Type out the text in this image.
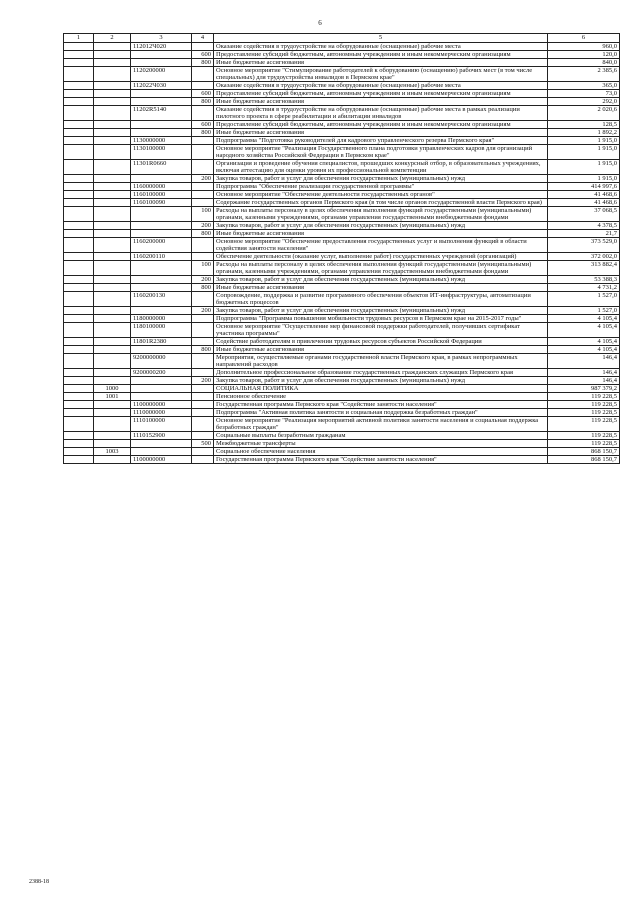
6
1	2	3	4	5	6
		112012Ч020		Оказание содействия в трудоустройстве на оборудованные (оснащенные) рабочие места	960,0
			600	Предоставление субсидий бюджетным, автономным учреждениям и иным некоммерческим организациям	120,0
			800	Иные бюджетные ассигнования	840,0
		1120200000		Основное мероприятие "Стимулирование работодателей к оборудованию (оснащению) рабочих мест (в том числе специальных) для трудоустройства инвалидов в Пермском крае"	2 385,6
		112022Ч030		Оказание содействия в трудоустройстве на оборудованные (оснащенные) рабочие места	365,0
			600	Предоставление субсидий бюджетным, автономным учреждениям и иным некоммерческим организациям	73,0
			800	Иные бюджетные ассигнования	292,0
		11202R5140		Оказание содействия в трудоустройстве на оборудованные (оснащенные) рабочие места в рамках реализации пилотного проекта в сфере реабилитации и абилитации инвалидов	2 020,6
			600	Предоставление субсидий бюджетным, автономным учреждениям и иным некоммерческим организациям	128,5
			800	Иные бюджетные ассигнования	1 892,2
		1130000000		Подпрограмма "Подготовка руководителей для кадрового управленческого резерва Пермского края"	1 915,0
		1130100000		Основное мероприятие "Реализация Государственного плана подготовки управленческих кадров для организаций народного хозяйства Российской Федерации в Пермском крае"	1 915,0
		11301R0660		Организация и проведение обучения специалистов, прошедших конкурсный отбор, в образовательных учреждениях, включая аттестацию для оценки уровня их профессиональной компетенции	1 915,0
			200	Закупка товаров, работ и услуг для обеспечения государственных (муниципальных) нужд	1 915,0
		1160000000		Подпрограмма "Обеспечение реализации государственной программы"	414 997,6
		1160100000		Основное мероприятие "Обеспечение деятельности государственных органов"	41 468,6
		1160100090		Содержание государственных органов Пермского края (в том числе органов государственной власти Пермского края)	41 468,6
			100	Расходы на выплаты персоналу в целях обеспечения выполнения функций государственными (муниципальными) органами, казенными учреждениями, органами управления государственными внебюджетными фондами	37 068,5
			200	Закупка товаров, работ и услуг для обеспечения государственных (муниципальных) нужд	4 378,5
			800	Иные бюджетные ассигнования	21,7
		1160200000		Основное мероприятие "Обеспечение предоставления государственных услуг и выполнения функций в области содействия занятости населения"	373 529,0
		1160200110		Обеспечение деятельности (оказание услуг, выполнение работ) государственных учреждений (организаций)	372 002,0
			100	Расходы на выплаты персоналу в целях обеспечения выполнения функций государственными (муниципальными) органами, казенными учреждениями, органами управления государственными внебюджетными фондами	313 882,4
			200	Закупка товаров, работ и услуг для обеспечения государственных (муниципальных) нужд	53 388,3
			800	Иные бюджетные ассигнования	4 731,2
		1160200130		Сопровождение, поддержка и развитие программного обеспечения объектов ИТ-инфраструктуры, автоматизации бюджетных процессов	1 527,0
			200	Закупка товаров, работ и услуг для обеспечения государственных (муниципальных) нужд	1 527,0
		1180000000		Подпрограмма "Программа повышения мобильности трудовых ресурсов в Пермском крае на 2015-2017 годы"	4 105,4
		1180100000		Основное мероприятие "Осуществление мер финансовой поддержки работодателей, получивших сертификат участника программы"	4 105,4
		11801R2380		Содействие работодателям в привлечении трудовых ресурсов субъектов Российской Федерации	4 105,4
			800	Иные бюджетные ассигнования	4 105,4
		9200000000		Мероприятия, осуществляемые органами государственной власти Пермского края, в рамках непрограммных направлений расходов	146,4
		9200000200		Дополнительное профессиональное образование государственных гражданских служащих Пермского края	146,4
			200	Закупка товаров, работ и услуг для обеспечения государственных (муниципальных) нужд	146,4
	1000			СОЦИАЛЬНАЯ ПОЛИТИКА	987 379,2
	1001			Пенсионное обеспечение	119 228,5
		1100000000		Государственная программа Пермского края "Содействие занятости населения"	119 228,5
		1110000000		Подпрограмма "Активная политика занятости и социальная поддержка безработных граждан"	119 228,5
		1110100000		Основное мероприятие "Реализация мероприятий активной политики занятости населения и социальная поддержка безработных граждан"	119 228,5
		1110152900		Социальные выплаты безработным гражданам	119 228,5
			500	Межбюджетные трансферты	119 228,5
	1003			Социальное обеспечение населения	868 150,7
		1100000000		Государственная программа Пермского края "Содействие занятости населения"	868 150,7
2388-18
